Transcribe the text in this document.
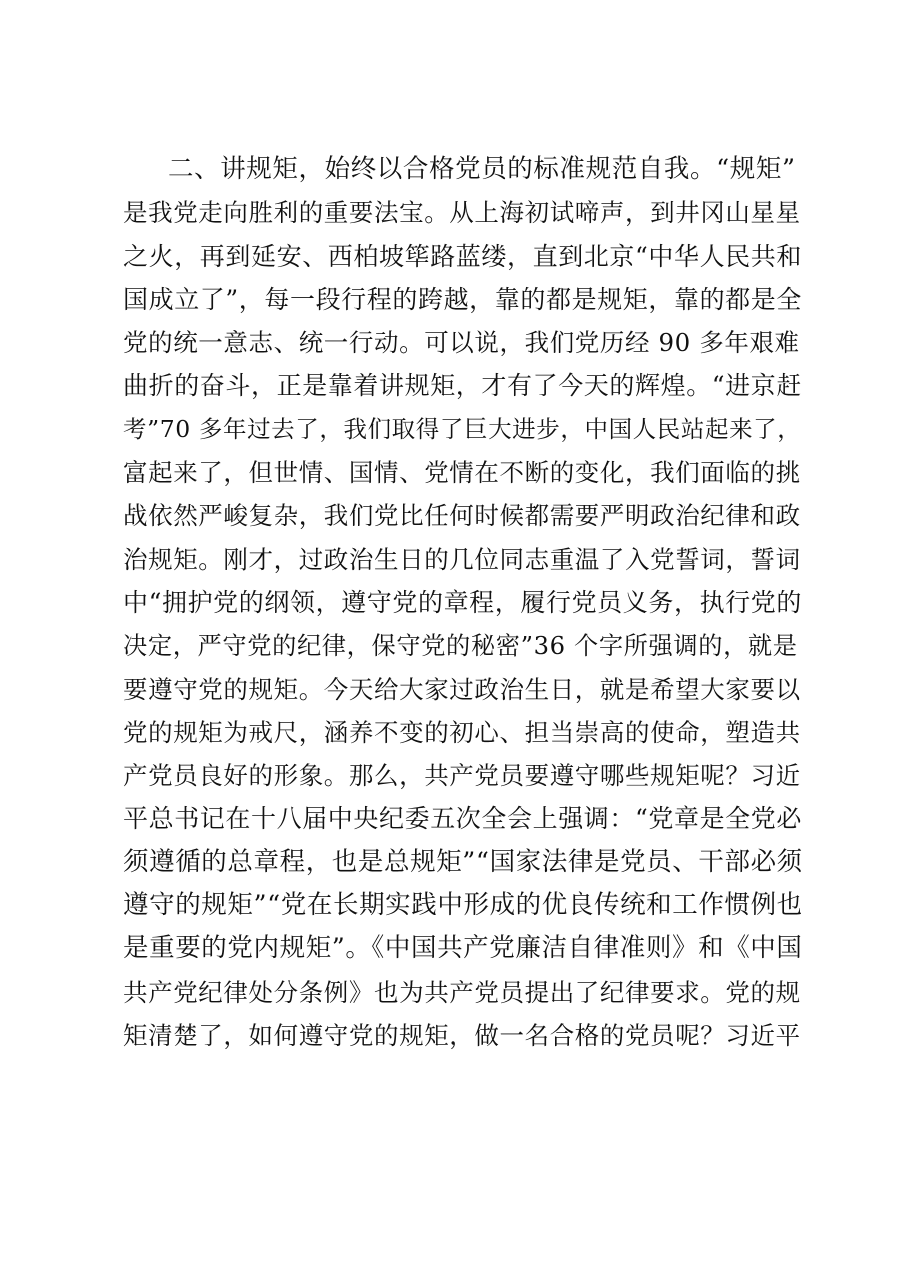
二、讲规矩，始终以合格党员的标准规范自我。“规矩”
是我党走向胜利的重要法宝。从上海初试啼声，到井冈山星星
之火，再到延安、西柏坡筚路蓝缕，直到北京“中华人民共和
国成立了”，每一段行程的跨越，靠的都是规矩，靠的都是全
党的统一意志、统一行动。可以说，我们党历经 90 多年艰难
曲折的奋斗，正是靠着讲规矩，才有了今天的辉煌。“进京赶
考”70 多年过去了，我们取得了巨大进步，中国人民站起来了，
富起来了，但世情、国情、党情在不断的变化，我们面临的挑
战依然严峻复杂，我们党比任何时候都需要严明政治纪律和政
治规矩。刚才，过政治生日的几位同志重温了入党誓词，誓词
中“拥护党的纲领，遵守党的章程，履行党员义务，执行党的
决定，严守党的纪律，保守党的秘密”36 个字所强调的，就是
要遵守党的规矩。今天给大家过政治生日，就是希望大家要以
党的规矩为戒尺，涵养不变的初心、担当崇高的使命，塑造共
产党员良好的形象。那么，共产党员要遵守哪些规矩呢？习近
平总书记在十八届中央纪委五次全会上强调：“党章是全党必
须遵循的总章程，也是总规矩”“国家法律是党员、干部必须
遵守的规矩”“党在长期实践中形成的优良传统和工作惯例也
是重要的党内规矩”。《中国共产党廉洁自律准则》和《中国
共产党纪律处分条例》也为共产党员提出了纪律要求。党的规
矩清楚了，如何遵守党的规矩，做一名合格的党员呢？习近平
